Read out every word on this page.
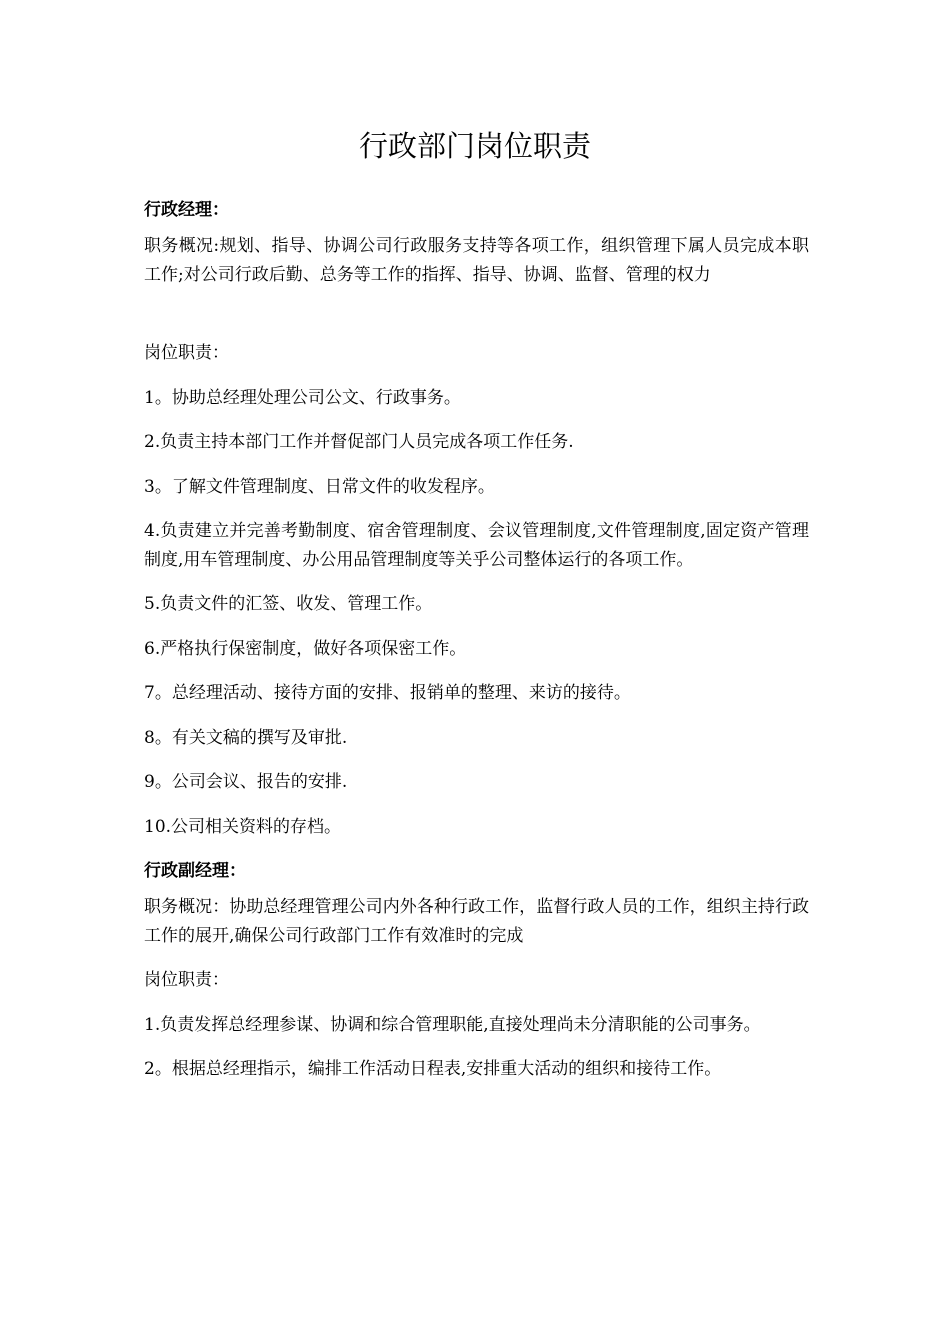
行政部门岗位职责

行政经理：

职务概况:规划、指导、协调公司行政服务支持等各项工作，组织管理下属人员完成本职工作;对公司行政后勤、总务等工作的指挥、指导、协调、监督、管理的权力

岗位职责：

1。协助总经理处理公司公文、行政事务。

2.负责主持本部门工作并督促部门人员完成各项工作任务.

3。了解文件管理制度、日常文件的收发程序。

4.负责建立并完善考勤制度、宿舍管理制度、会议管理制度,文件管理制度,固定资产管理制度,用车管理制度、办公用品管理制度等关乎公司整体运行的各项工作。

5.负责文件的汇签、收发、管理工作。

6.严格执行保密制度，做好各项保密工作。

7。总经理活动、接待方面的安排、报销单的整理、来访的接待。

8。有关文稿的撰写及审批.

9。公司会议、报告的安排.

10.公司相关资料的存档。

行政副经理：

职务概况：协助总经理管理公司内外各种行政工作，监督行政人员的工作，组织主持行政工作的展开,确保公司行政部门工作有效准时的完成

岗位职责：

1.负责发挥总经理参谋、协调和综合管理职能,直接处理尚未分清职能的公司事务。

2。根据总经理指示，编排工作活动日程表,安排重大活动的组织和接待工作。
